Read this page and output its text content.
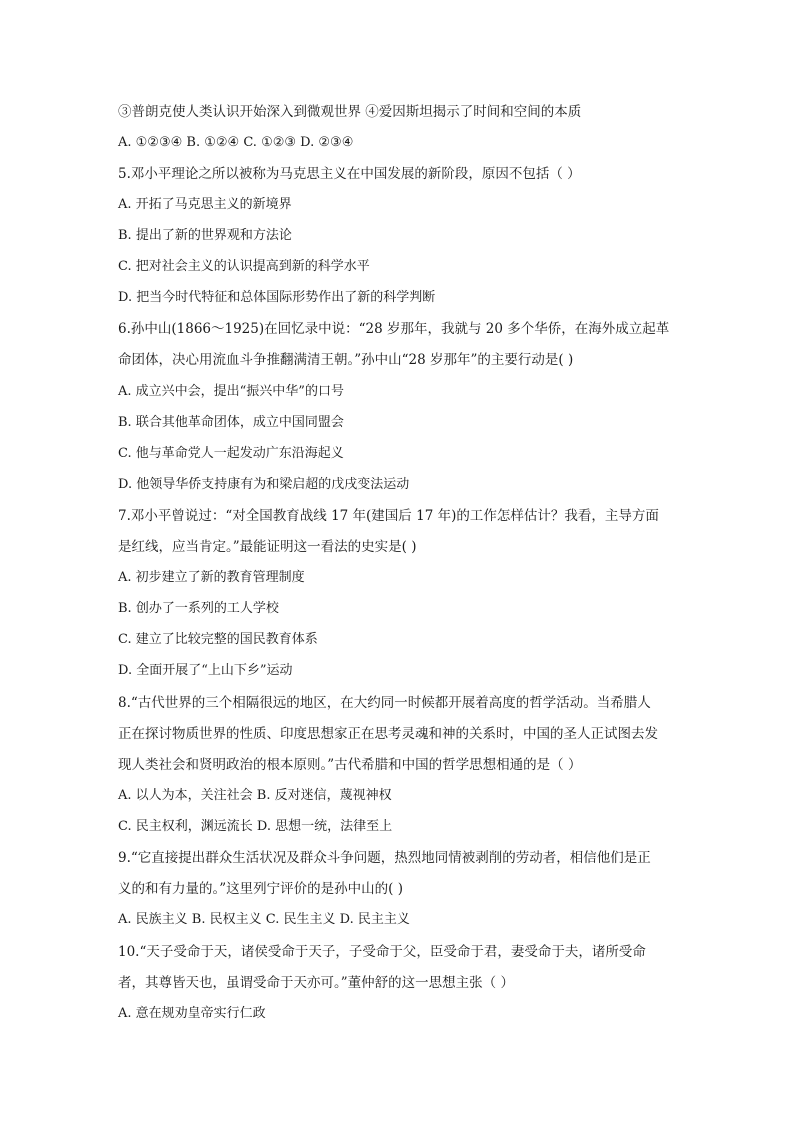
③普朗克使人类认识开始深入到微观世界 ④爱因斯坦揭示了时间和空间的本质
A. ①②③④ B. ①②④ C. ①②③ D. ②③④
5.邓小平理论之所以被称为马克思主义在中国发展的新阶段，原因不包括（ ）
A. 开拓了马克思主义的新境界
B. 提出了新的世界观和方法论
C. 把对社会主义的认识提高到新的科学水平
D. 把当今时代特征和总体国际形势作出了新的科学判断
6.孙中山(1866～1925)在回忆录中说：“28 岁那年，我就与 20 多个华侨，在海外成立起革
命团体，决心用流血斗争推翻满清王朝。”孙中山“28 岁那年”的主要行动是( )
A. 成立兴中会，提出“振兴中华”的口号
B. 联合其他革命团体，成立中国同盟会
C. 他与革命党人一起发动广东沿海起义
D. 他领导华侨支持康有为和梁启超的戊戌变法运动
7.邓小平曾说过：“对全国教育战线 17 年(建国后 17 年)的工作怎样估计？我看，主导方面
是红线，应当肯定。”最能证明这一看法的史实是( )
A. 初步建立了新的教育管理制度
B. 创办了一系列的工人学校
C. 建立了比较完整的国民教育体系
D. 全面开展了“上山下乡”运动
8.“古代世界的三个相隔很远的地区，在大约同一时候都开展着高度的哲学活动。当希腊人
正在探讨物质世界的性质、印度思想家正在思考灵魂和神的关系时，中国的圣人正试图去发
现人类社会和贤明政治的根本原则。”古代希腊和中国的哲学思想相通的是（ ）
A. 以人为本，关注社会 B. 反对迷信，蔑视神权
C. 民主权利，渊远流长 D. 思想一统，法律至上
9.“它直接提出群众生活状况及群众斗争问题，热烈地同情被剥削的劳动者，相信他们是正
义的和有力量的。”这里列宁评价的是孙中山的( )
A. 民族主义 B. 民权主义 C. 民生主义 D. 民主主义
10.“天子受命于天，诸侯受命于天子，子受命于父，臣受命于君，妻受命于夫，诸所受命
者，其尊皆天也，虽谓受命于天亦可。”董仲舒的这一思想主张（ ）
A. 意在规劝皇帝实行仁政
